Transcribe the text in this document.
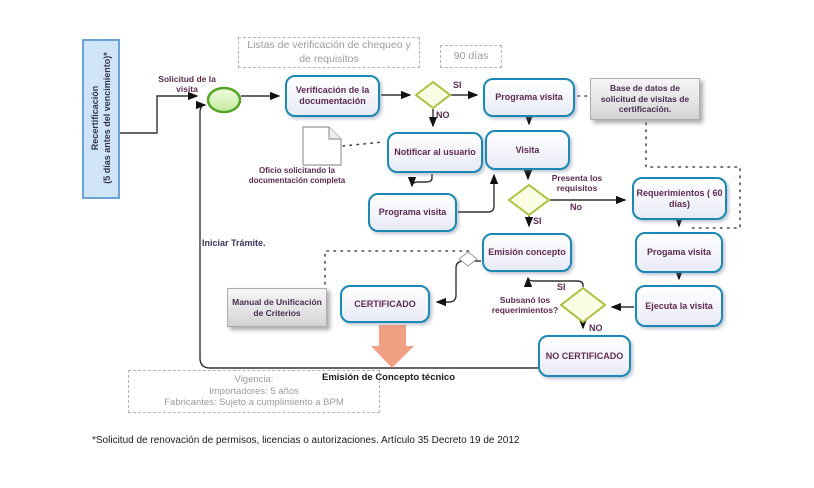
Recertificación (5 días antes del vencimiento)*
Listas de verificación de chequeo y de requisitos	90 días
Vigencia:
Importadores: 5 años
Fabricantes: Sujeto a cumplimiento a BPM
Base de datos de solicitud de visitas de certificación.
Manual de Unificación de Criterios
Verificación de la documentación	Programa visita
Notificar al usuario
Programa visita
Visita
Requerimientos ( 60 días)
Progama visita
Ejecuta la visita
Emisión concepto
CERTIFICADO
NO CERTIFICADO
Solicitud de la visita
Iniciar Trámite.
Oficio solicitando la documentación completa	Presenta los requisitos
Subsanó los requerimientos?
SI
NO
No
SI
SI
NO
Emisión de Concepto técnico
*Solicitud de renovación de permisos, licencias o autorizaciones. Artículo 35 Decreto 19 de 2012
